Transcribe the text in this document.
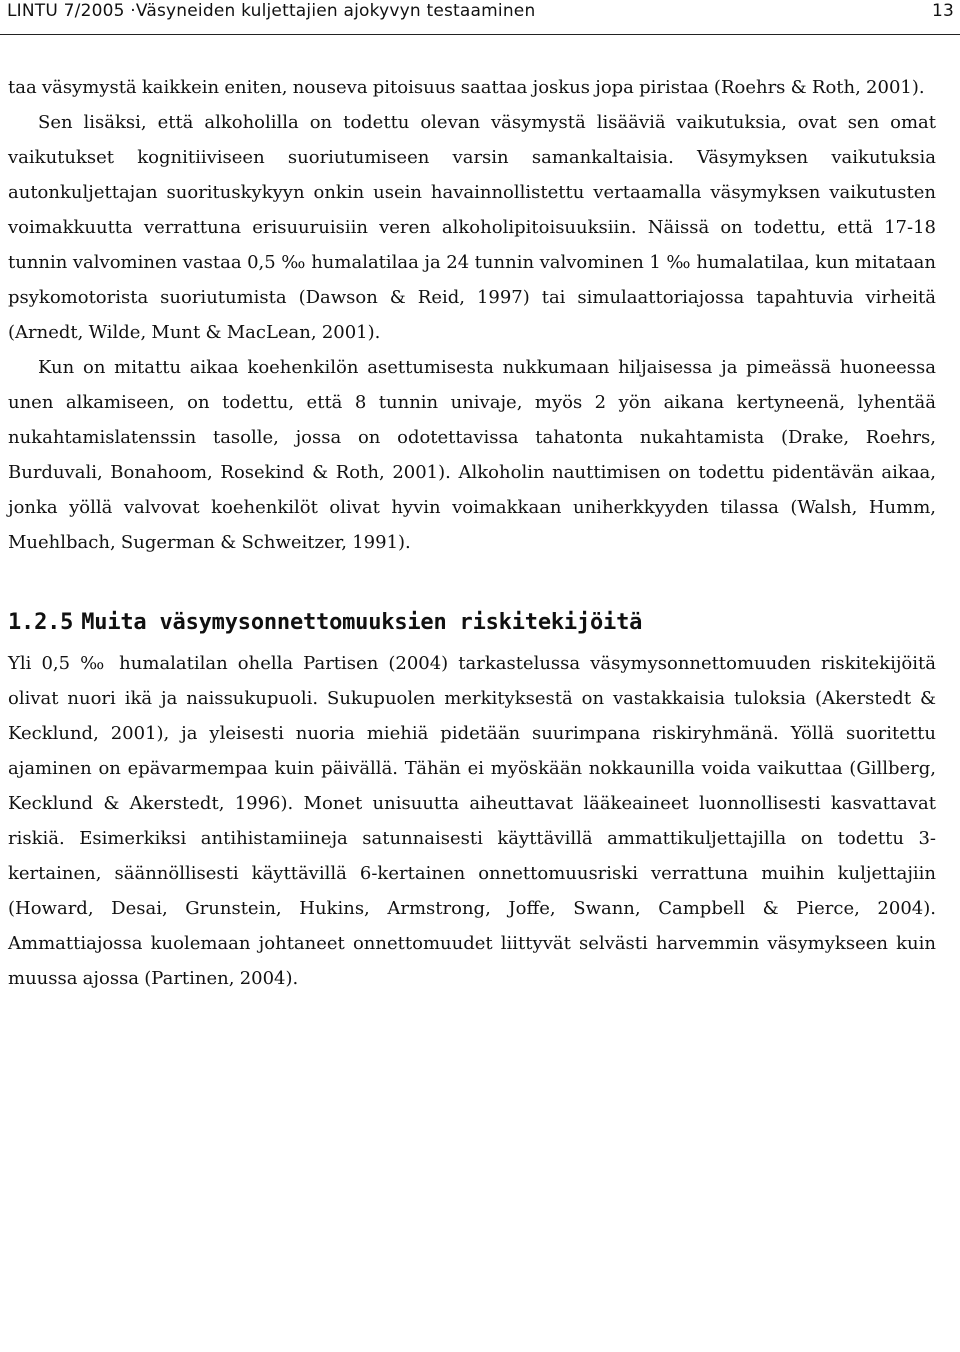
LINTU 7/2005 ·Väsyneiden kuljettajien ajokyvyn testaaminen	13

taa väsymystä kaikkein eniten, nouseva pitoisuus saattaa joskus jopa piristaa (Roehrs & Roth, 2001).

Sen lisäksi, että alkoholilla on todettu olevan väsymystä lisääviä vaikutuksia, ovat sen omat vaikutukset kognitiiviseen suoriutumiseen varsin samankaltaisia. Väsymyksen vaikutuksia autonkuljettajan suorituskykyyn onkin usein havainnollistettu vertaamalla väsymyksen vaikutusten voimakkuutta verrattuna erisuuruisiin veren alkoholipitoisuuksiin. Näissä on todettu, että 17-18 tunnin valvominen vastaa 0,5 ‰ humalatilaa ja 24 tunnin valvominen 1 ‰ humalatilaa, kun mitataan psykomotorista suoriutumista (Dawson & Reid, 1997) tai simulaattoriajossa tapahtuvia virheitä (Arnedt, Wilde, Munt & MacLean, 2001).

Kun on mitattu aikaa koehenkilön asettumisesta nukkumaan hiljaisessa ja pimeässä huoneessa unen alkamiseen, on todettu, että 8 tunnin univaje, myös 2 yön aikana kertyneenä, lyhentää nukahtamislatenssin tasolle, jossa on odotettavissa tahatonta nukahtamista (Drake, Roehrs, Burduvali, Bonahoom, Rosekind & Roth, 2001). Alkoholin nauttimisen on todettu pidentävän aikaa, jonka yöllä valvovat koehenkilöt olivat hyvin voimakkaan uniherkkyyden tilassa (Walsh, Humm, Muehlbach, Sugerman & Schweitzer, 1991).

1.2.5 Muita väsymysonnettomuuksien riskitekijöitä

Yli 0,5 ‰ humalatilan ohella Partisen (2004) tarkastelussa väsymysonnettomuuden riskitekijöitä olivat nuori ikä ja naissukupuoli. Sukupuolen merkityksestä on vastakkaisia tuloksia (Akerstedt & Kecklund, 2001), ja yleisesti nuoria miehiä pidetään suurimpana riskiryhmänä. Yöllä suoritettu ajaminen on epävarmempaa kuin päivällä. Tähän ei myöskään nokkaunilla voida vaikuttaa (Gillberg, Kecklund & Akerstedt, 1996). Monet unisuutta aiheuttavat lääkeaineet luonnollisesti kasvattavat riskiä. Esimerkiksi antihistamiineja satunnaisesti käyttävillä ammattikuljettajilla on todettu 3-kertainen, säännöllisesti käyttävillä 6-kertainen onnettomuusriski verrattuna muihin kuljettajiin (Howard, Desai, Grunstein, Hukins, Armstrong, Joffe, Swann, Campbell & Pierce, 2004). Ammattiajossa kuolemaan johtaneet onnettomuudet liittyvät selvästi harvemmin väsymykseen kuin muussa ajossa (Partinen, 2004).
